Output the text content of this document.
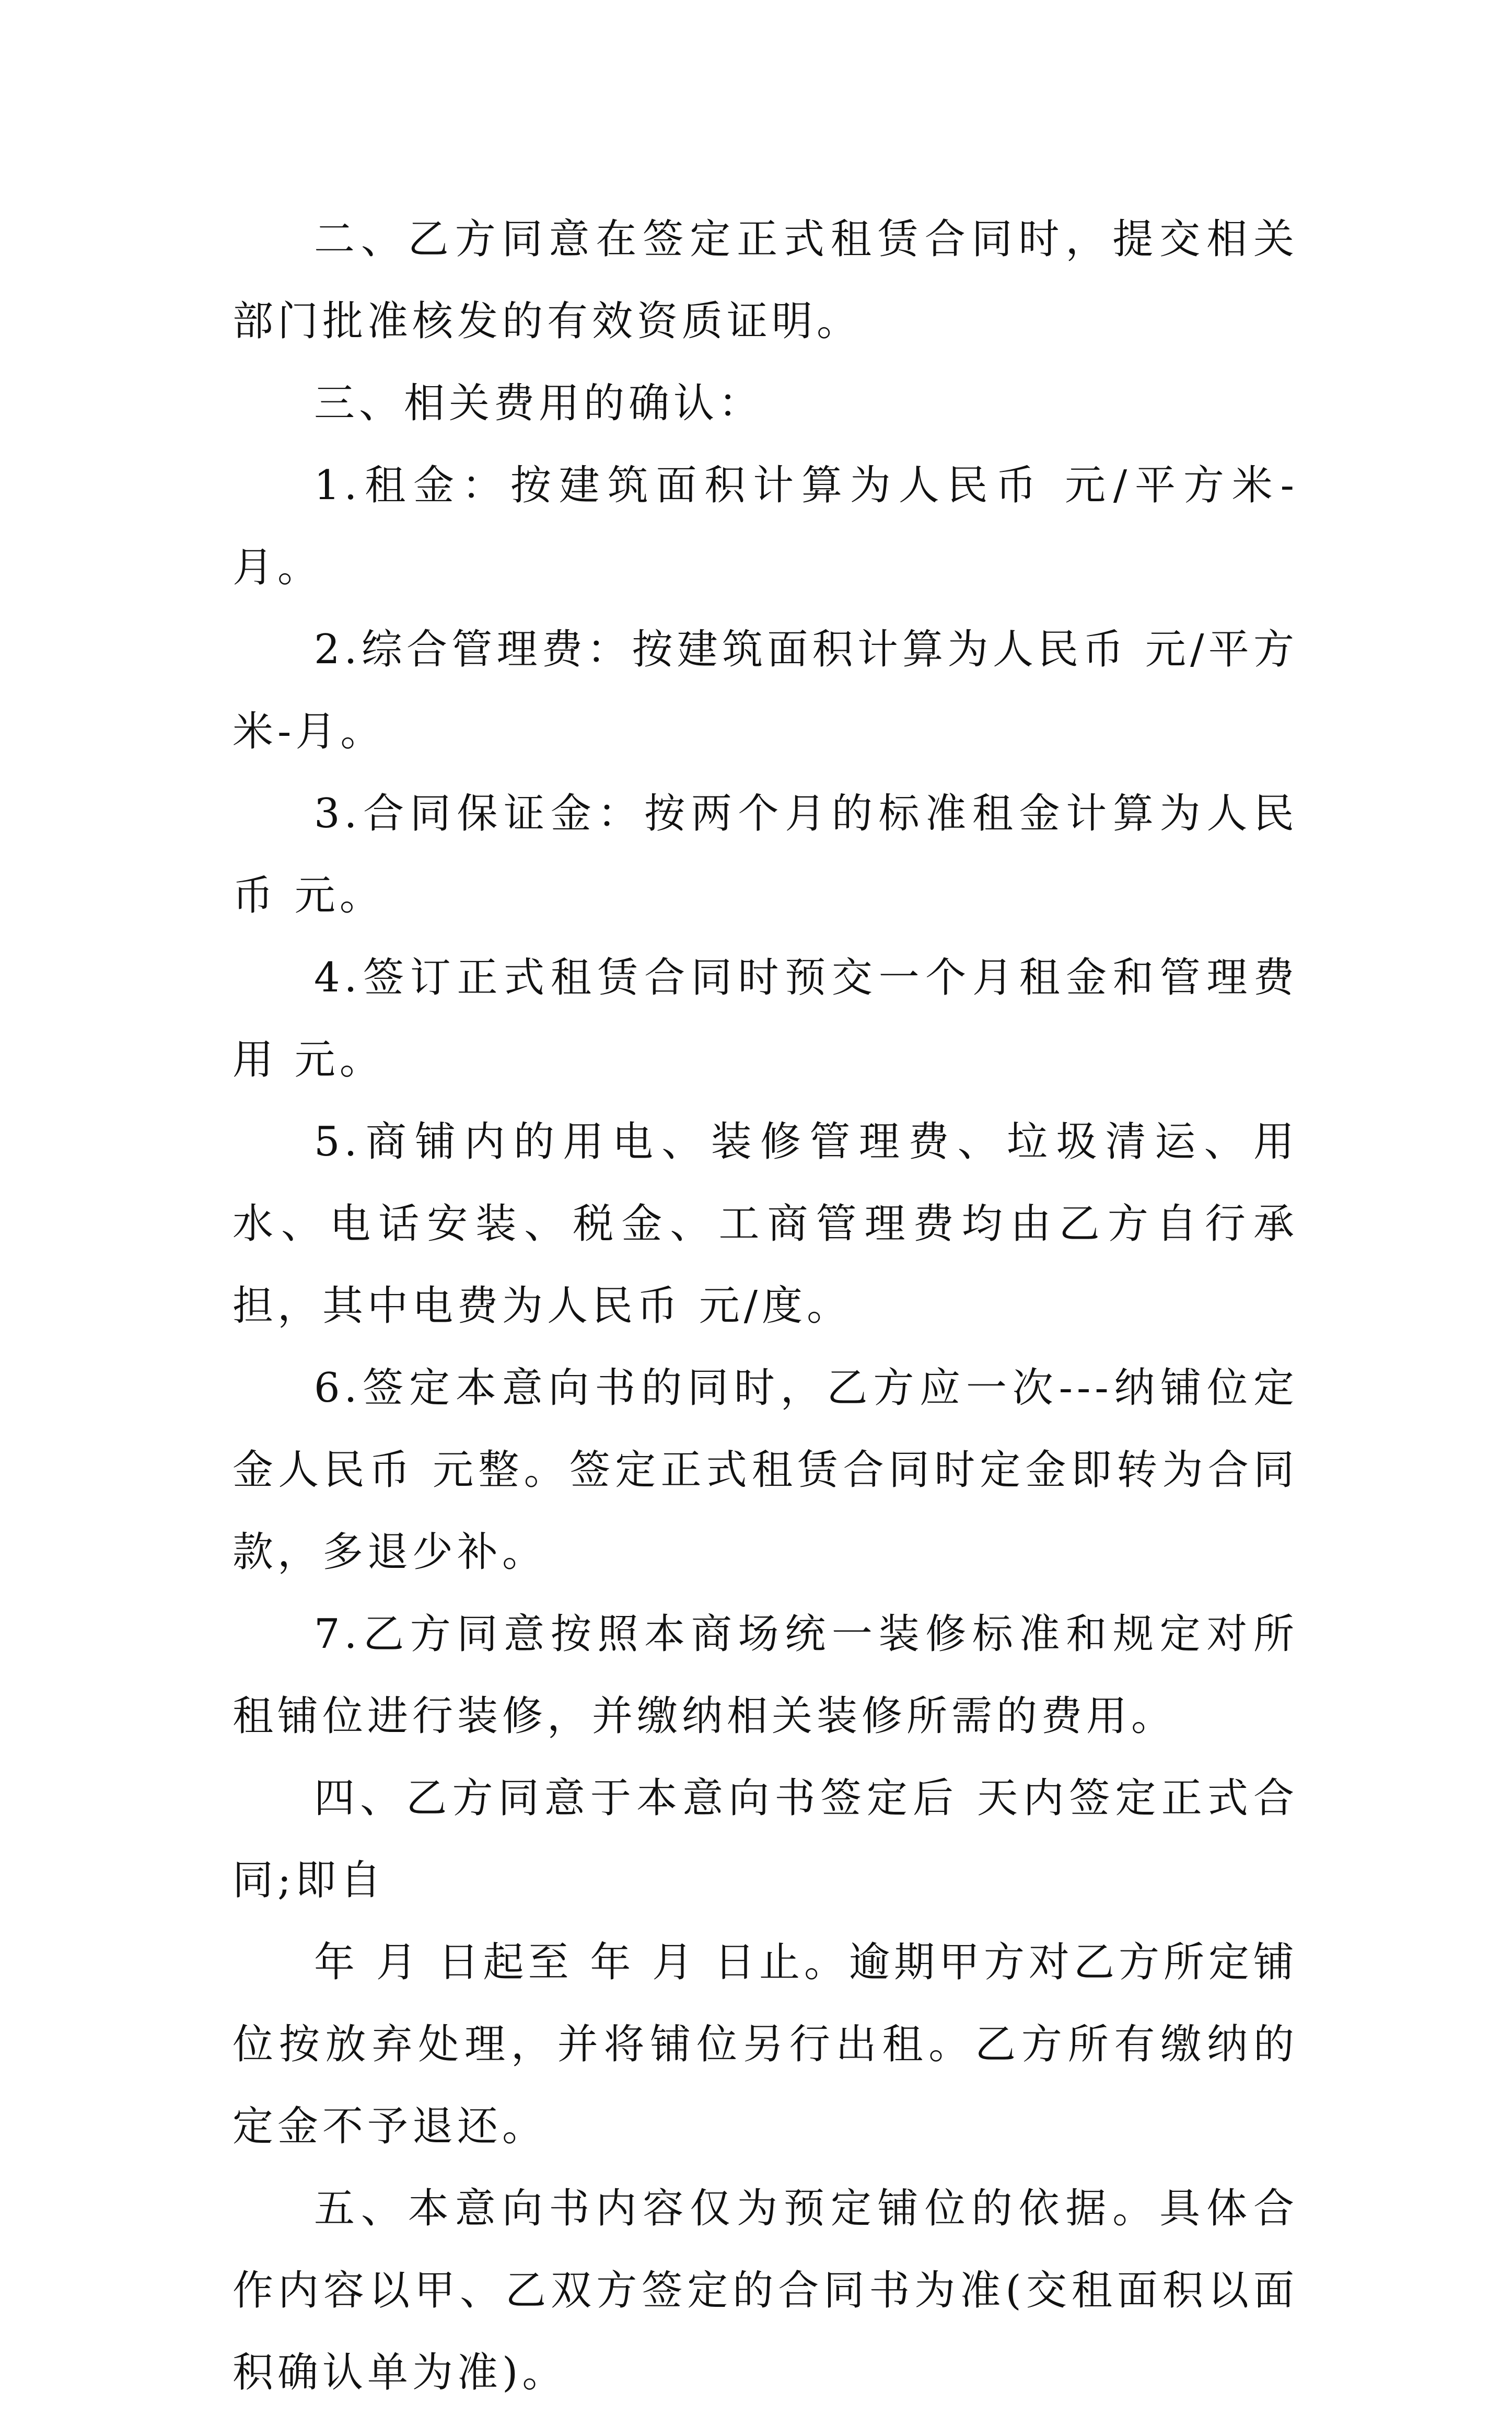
二、乙方同意在签定正式租赁合同时，提交相关部门批准核发的有效资质证明。

三、相关费用的确认：

1.租金：按建筑面积计算为人民币 元/平方米-月。

2.综合管理费：按建筑面积计算为人民币 元/平方米-月。

3.合同保证金：按两个月的标准租金计算为人民币 元。

4.签订正式租赁合同时预交一个月租金和管理费用 元。

5.商铺内的用电、装修管理费、垃圾清运、用水、电话安装、税金、工商管理费均由乙方自行承担，其中电费为人民币 元/度。

6.签定本意向书的同时，乙方应一次---纳铺位定金人民币 元整。签定正式租赁合同时定金即转为合同款，多退少补。

7.乙方同意按照本商场统一装修标准和规定对所租铺位进行装修，并缴纳相关装修所需的费用。

四、乙方同意于本意向书签定后 天内签定正式合同;即自

年 月 日起至 年 月 日止。逾期甲方对乙方所定铺位按放弃处理，并将铺位另行出租。乙方所有缴纳的定金不予退还。

五、本意向书内容仅为预定铺位的依据。具体合作内容以甲、乙双方签定的合同书为准(交租面积以面积确认单为准)。
